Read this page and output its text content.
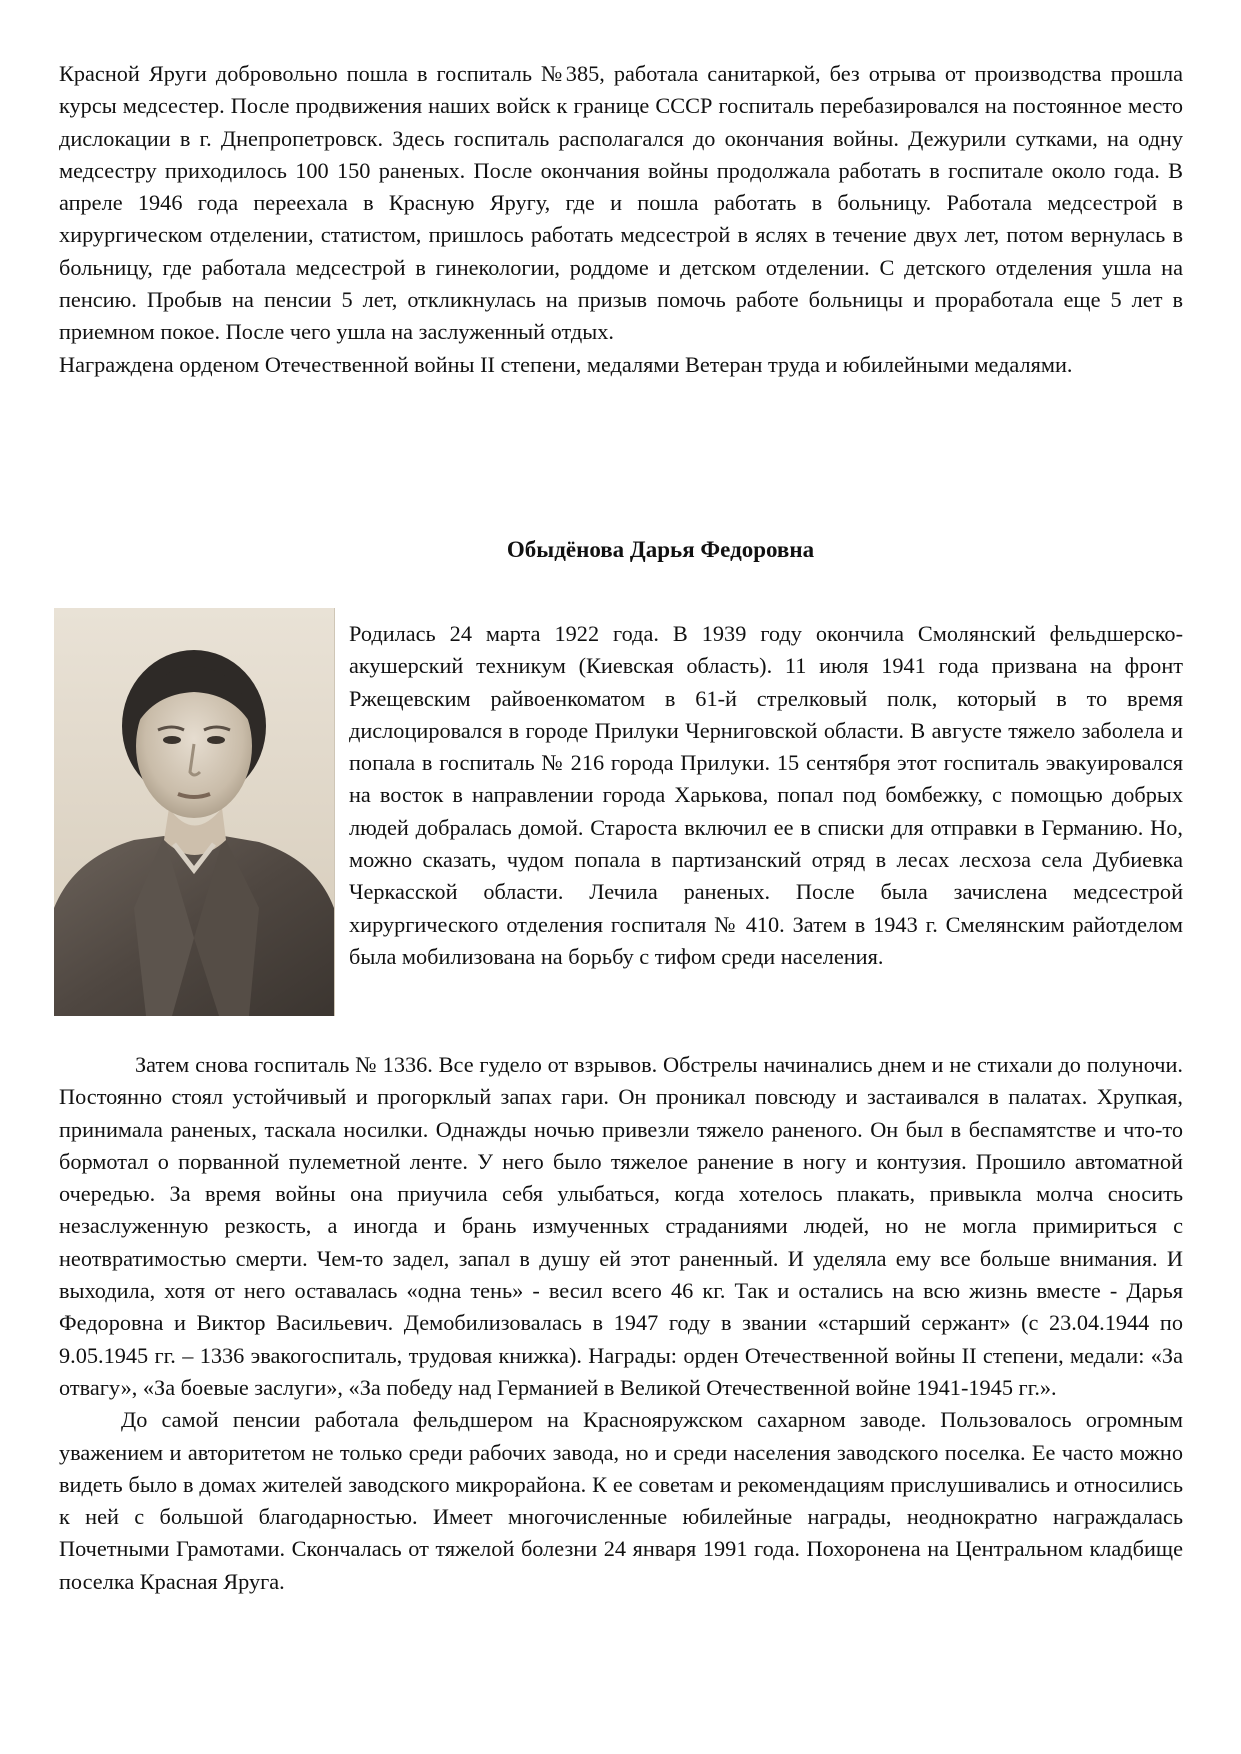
Красной Яруги добровольно пошла в госпиталь №385, работала санитаркой, без отрыва от производства прошла курсы медсестер. После продвижения наших войск к границе СССР госпиталь перебазировался на постоянное место дислокации в г. Днепропетровск. Здесь госпиталь располагался до окончания войны. Дежурили сутками, на одну медсестру приходилось 100 150 раненых. После окончания войны продолжала работать в госпитале около года. В апреле 1946 года переехала в Красную Яругу, где и пошла работать в больницу. Работала медсестрой в хирургическом отделении, статистом, пришлось работать медсестрой в яслях в течение двух лет, потом вернулась в больницу, где работала медсестрой в гинекологии, роддоме и детском отделении. С детского отделения ушла на пенсию. Пробыв на пенсии 5 лет, откликнулась на призыв помочь работе больницы и проработала еще 5 лет в приемном покое. После чего ушла на заслуженный отдых.

Награждена орденом Отечественной войны II степени, медалями Ветеран труда и юбилейными медалями.

Обыдёнова Дарья Федоровна

Родилась 24 марта 1922 года. В 1939 году окончила Смолянский фельдшерско-акушерский техникум (Киевская область). 11 июля 1941 года призвана на фронт Ржещевским райвоенкоматом в 61-й стрелковый полк, который в то время дислоцировался в городе Прилуки Черниговской области. В августе тяжело заболела и попала в госпиталь № 216 города Прилуки. 15 сентября этот госпиталь эвакуировался на восток в направлении города Харькова, попал под бомбежку, с помощью добрых людей добралась домой. Староста включил ее в списки для отправки в Германию. Но, можно сказать, чудом попала в партизанский отряд в лесах лесхоза села Дубиевка Черкасской области. Лечила раненых. После была зачислена медсестрой хирургического отделения госпиталя № 410. Затем в 1943 г. Смелянским райотделом была мобилизована на борьбу с тифом среди населения.

Затем снова госпиталь № 1336. Все гудело от взрывов. Обстрелы начинались днем и не стихали до полуночи. Постоянно стоял устойчивый и прогорклый запах гари. Он проникал повсюду и застаивался в палатах. Хрупкая, принимала раненых, таскала носилки. Однажды ночью привезли тяжело раненого. Он был в беспамятстве и что-то бормотал о порванной пулеметной ленте. У него было тяжелое ранение в ногу и контузия. Прошило автоматной очередью. За время войны она приучила себя улыбаться, когда хотелось плакать, привыкла молча сносить незаслуженную резкость, а иногда и брань измученных страданиями людей, но не могла примириться с неотвратимостью смерти. Чем-то задел, запал в душу ей этот раненный. И уделяла ему все больше внимания. И выходила, хотя от него оставалась «одна тень» - весил всего 46 кг. Так и остались на всю жизнь вместе - Дарья Федоровна и Виктор Васильевич. Демобилизовалась в 1947 году в звании «старший сержант» (с 23.04.1944 по 9.05.1945 гг. – 1336 эвакогоспиталь, трудовая книжка). Награды: орден Отечественной войны II степени, медали: «За отвагу», «За боевые заслуги», «За победу над Германией в Великой Отечественной войне 1941-1945 гг.».

До самой пенсии работала фельдшером на Краснояружском сахарном заводе. Пользовалось огромным уважением и авторитетом не только среди рабочих завода, но и среди населения заводского поселка. Ее часто можно видеть было в домах жителей заводского микрорайона. К ее советам и рекомендациям прислушивались и относились к ней с большой благодарностью. Имеет многочисленные юбилейные награды, неоднократно награждалась Почетными Грамотами. Скончалась от тяжелой болезни 24 января 1991 года. Похоронена на Центральном кладбище поселка Красная Яруга.
